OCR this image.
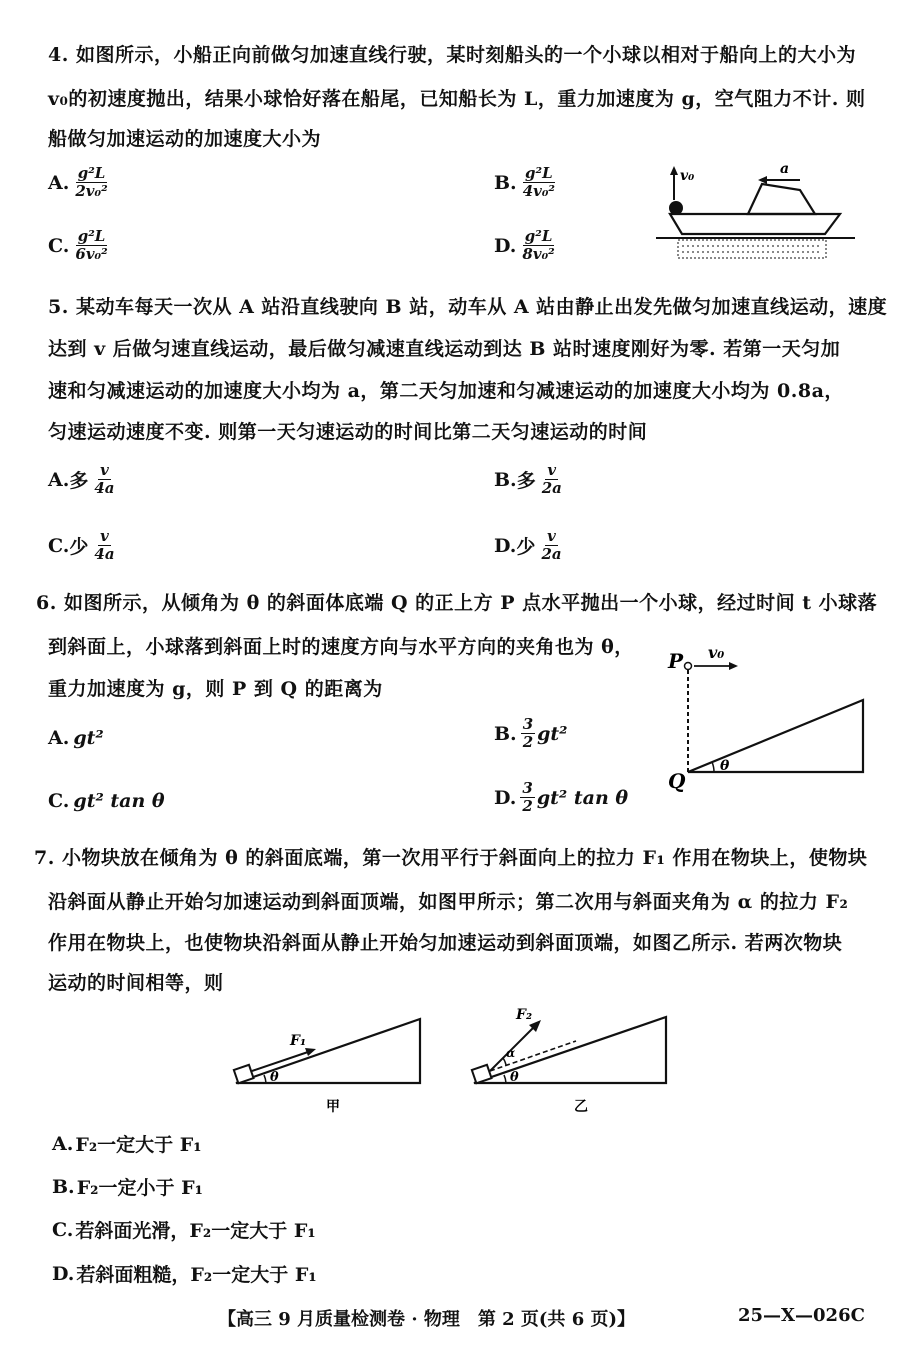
4. 如图所示，小船正向前做匀加速直线行驶，某时刻船头的一个小球以相对于船向上的大小为
v₀的初速度抛出，结果小球恰好落在船尾，已知船长为 L，重力加速度为 g，空气阻力不计. 则
船做匀加速运动的加速度大小为
A. $\frac{\text{g²L}}{\text{2v₀²}}$	B. $\frac{\text{g²L}}{\text{4v₀²}}$
C. $\frac{\text{g²L}}{\text{6v₀²}}$	D. $\frac{\text{g²L}}{\text{8v₀²}}$
v₀	a
5. 某动车每天一次从 A 站沿直线驶向 B 站，动车从 A 站由静止出发先做匀加速直线运动，速度
达到 v 后做匀速直线运动，最后做匀减速直线运动到达 B 站时速度刚好为零. 若第一天匀加
速和匀减速运动的加速度大小均为 a，第二天匀加速和匀减速运动的加速度大小均为 0.8a，
匀速运动速度不变. 则第一天匀速运动的时间比第二天匀速运动的时间
A. 多 $\frac{v}{4a}$	B. 多 $\frac{v}{2a}$
C. 少 $\frac{v}{4a}$	D. 少 $\frac{v}{2a}$
6. 如图所示，从倾角为 θ 的斜面体底端 Q 的正上方 P 点水平抛出一个小球，经过时间 t 小球落
到斜面上，小球落到斜面上时的速度方向与水平方向的夹角也为 θ，
重力加速度为 g，则 P 到 Q 的距离为
A. gt²	B. $\frac{3}{2} gt^2$
C. gt² tan θ	D. $\frac{3}{2} gt^2$ tan θ
P v₀
θ
Q
7. 小物块放在倾角为 θ 的斜面底端，第一次用平行于斜面向上的拉力 F₁ 作用在物块上，使物块
沿斜面从静止开始匀加速运动到斜面顶端，如图甲所示；第二次用与斜面夹角为 α 的拉力 F₂
作用在物块上，也使物块沿斜面从静止开始匀加速运动到斜面顶端，如图乙所示. 若两次物块
运动的时间相等，则
F₁
θ
甲
F₂
α
θ
乙
A. F₂一定大于 F₁
B. F₂一定小于 F₁
C. 若斜面光滑，F₂一定大于 F₁
D. 若斜面粗糙，F₂一定大于 F₁
【高三 9 月质量检测卷 · 物理　第 2 页(共 6 页)】	25—X—026C
